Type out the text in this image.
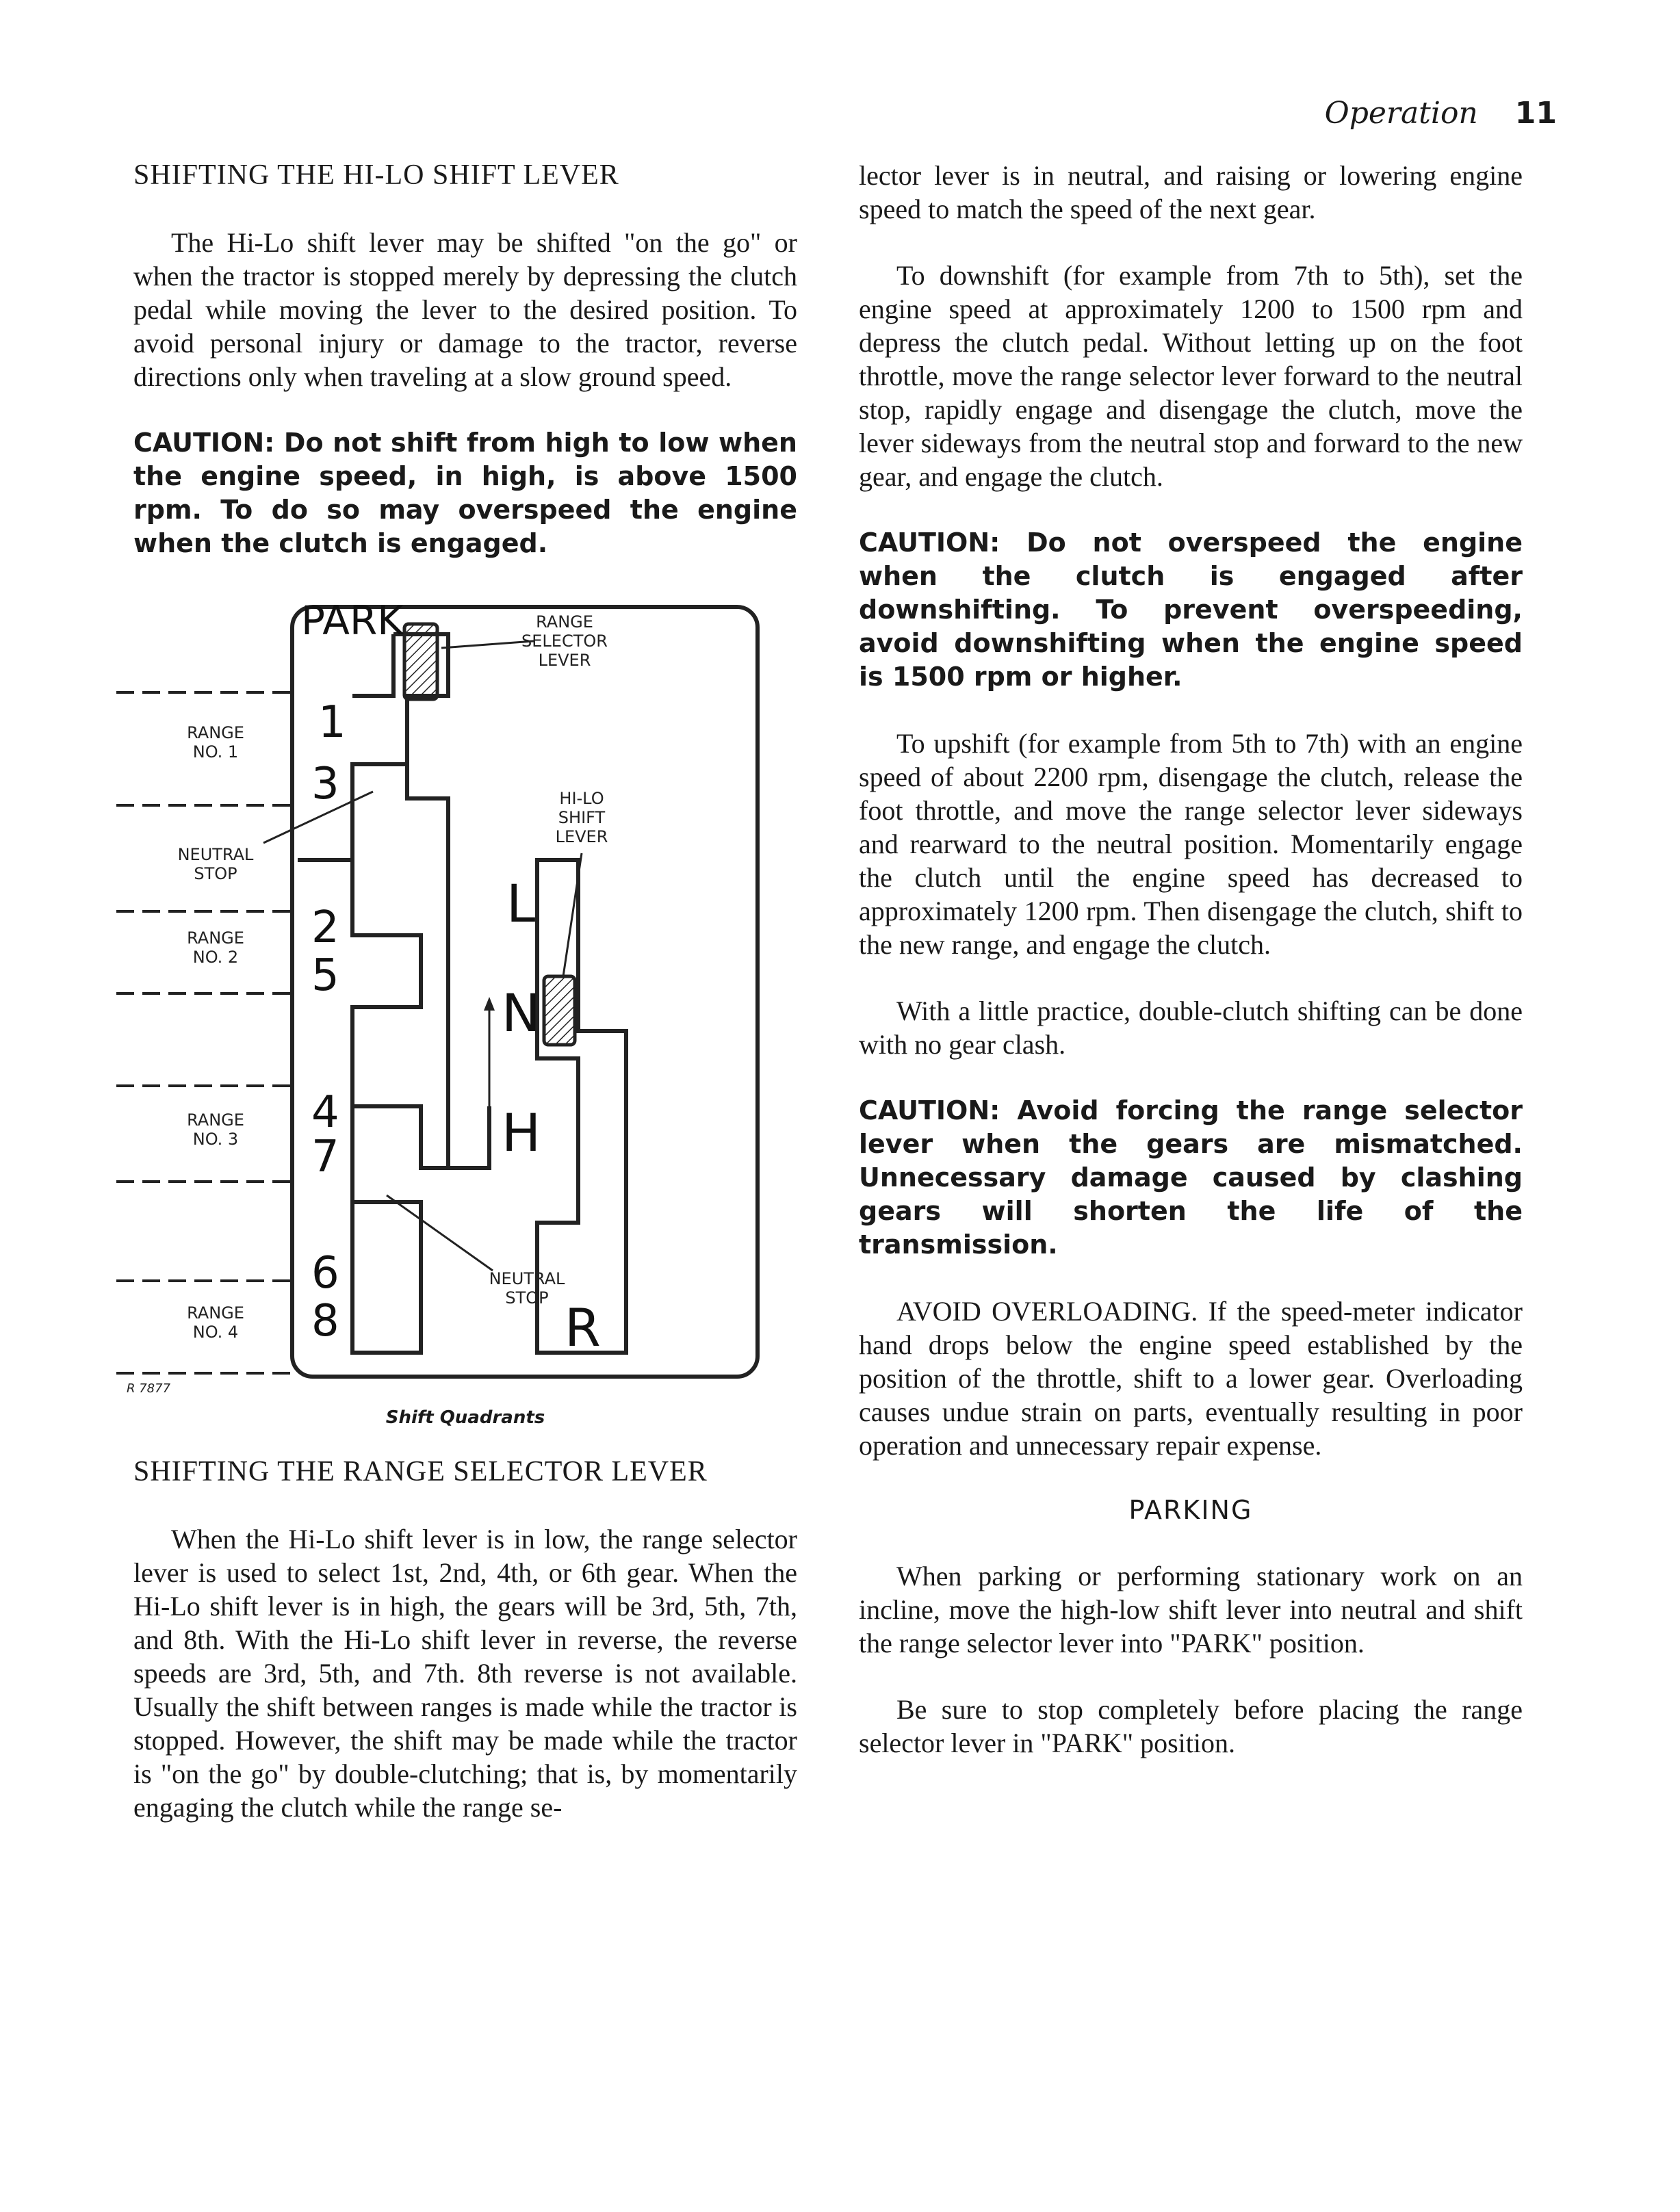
Operation 11
SHIFTING THE HI-LO SHIFT LEVER

The Hi-Lo shift lever may be shifted "on the go" or when the tractor is stopped merely by depressing the clutch pedal while moving the lever to the desired position. To avoid personal injury or damage to the tractor, reverse directions only when traveling at a slow ground speed.

CAUTION: Do not shift from high to low when the engine speed, in high, is above 1500 rpm. To do so may overspeed the engine when the clutch is engaged.

PARK
1
3
2
5
4
7
6
8
L
N
H
R
RANGE
SELECTOR
LEVER
HI-LO
SHIFT
LEVER
NEUTRAL
STOP
NEUTRAL
STOP
RANGE
NO. 1
RANGE
NO. 2
RANGE
NO. 3
RANGE
NO. 4
R 7877
Shift Quadrants
SHIFTING THE RANGE SELECTOR LEVER

When the Hi-Lo shift lever is in low, the range selector lever is used to select 1st, 2nd, 4th, or 6th gear. When the Hi-Lo shift lever is in high, the gears will be 3rd, 5th, 7th, and 8th. With the Hi-Lo shift lever in reverse, the reverse speeds are 3rd, 5th, and 7th. 8th reverse is not available. Usually the shift between ranges is made while the tractor is stopped. However, the shift may be made while the tractor is "on the go" by double-clutching; that is, by momentarily engaging the clutch while the range se-

lector lever is in neutral, and raising or lowering engine speed to match the speed of the next gear.

To downshift (for example from 7th to 5th), set the engine speed at approximately 1200 to 1500 rpm and depress the clutch pedal. Without letting up on the foot throttle, move the range selector lever forward to the neutral stop, rapidly engage and disengage the clutch, move the lever sideways from the neutral stop and forward to the new gear, and engage the clutch.

CAUTION: Do not overspeed the engine when the clutch is engaged after downshifting. To prevent overspeeding, avoid downshifting when the engine speed is 1500 rpm or higher.

To upshift (for example from 5th to 7th) with an engine speed of about 2200 rpm, disengage the clutch, release the foot throttle, and move the range selector lever sideways and rearward to the neutral position. Momentarily engage the clutch until the engine speed has decreased to approximately 1200 rpm. Then disengage the clutch, shift to the new range, and engage the clutch.

With a little practice, double-clutch shifting can be done with no gear clash.

CAUTION: Avoid forcing the range selector lever when the gears are mismatched. Unnecessary damage caused by clashing gears will shorten the life of the transmission.

AVOID OVERLOADING. If the speed-meter indicator hand drops below the engine speed established by the position of the throttle, shift to a lower gear. Overloading causes undue strain on parts, eventually resulting in poor operation and unnecessary repair expense.

PARKING

When parking or performing stationary work on an incline, move the high-low shift lever into neutral and shift the range selector lever into "PARK" position.

Be sure to stop completely before placing the range selector lever in "PARK" position.
